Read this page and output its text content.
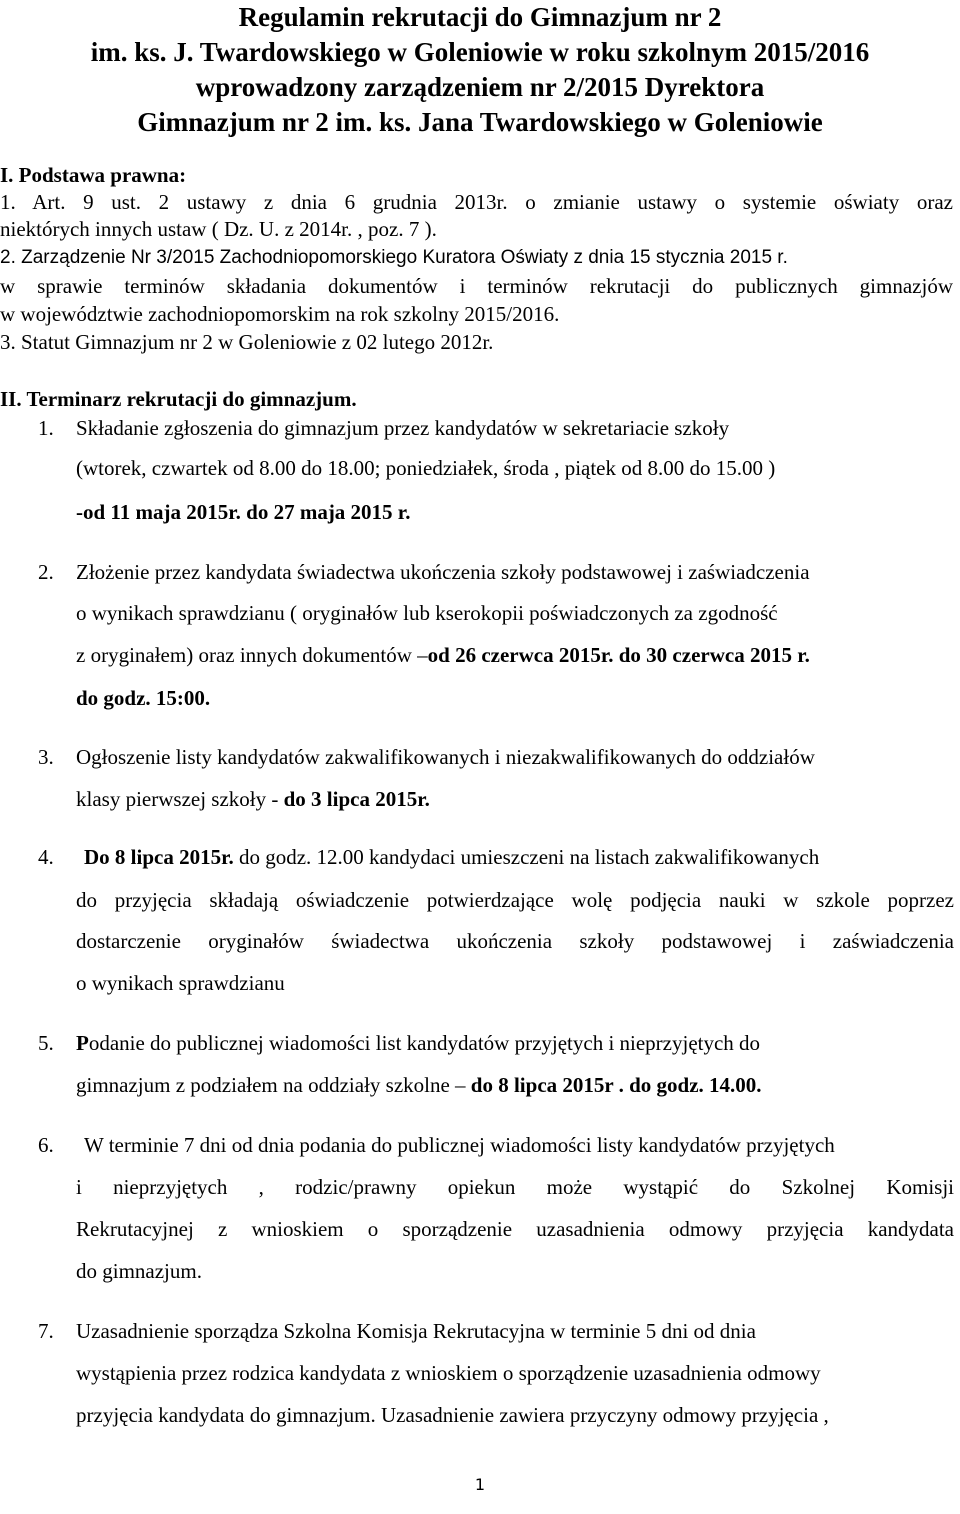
Regulamin rekrutacji do Gimnazjum nr 2
im. ks. J. Twardowskiego w Goleniowie w roku szkolnym 2015/2016
wprowadzony zarządzeniem nr 2/2015 Dyrektora
Gimnazjum nr 2 im. ks. Jana Twardowskiego w Goleniowie
I. Podstawa prawna:
1. Art. 9 ust. 2 ustawy z dnia 6 grudnia 2013r. o zmianie ustawy o systemie oświaty oraz
niektórych innych ustaw ( Dz. U. z 2014r. , poz. 7 ).
2. Zarządzenie Nr 3/2015 Zachodniopomorskiego Kuratora Oświaty z dnia 15 stycznia 2015 r.
w sprawie terminów składania dokumentów i terminów rekrutacji do publicznych gimnazjów
w województwie zachodniopomorskim na rok szkolny 2015/2016.
3. Statut Gimnazjum nr 2 w Goleniowie z 02 lutego 2012r.
II. Terminarz rekrutacji do gimnazjum.
1. Składanie zgłoszenia do gimnazjum przez kandydatów w sekretariacie szkoły
(wtorek, czwartek od 8.00 do 18.00; poniedziałek, środa , piątek od 8.00 do 15.00 )
-od 11 maja 2015r. do 27 maja 2015 r.
2. Złożenie przez kandydata świadectwa ukończenia szkoły podstawowej i zaświadczenia
o wynikach sprawdzianu ( oryginałów lub kserokopii poświadczonych za zgodność
z oryginałem) oraz innych dokumentów –od 26 czerwca 2015r. do 30 czerwca 2015 r.
do godz. 15:00.
3. Ogłoszenie listy kandydatów zakwalifikowanych i niezakwalifikowanych do oddziałów
klasy pierwszej szkoły - do 3 lipca 2015r.
4. Do 8 lipca 2015r. do godz. 12.00 kandydaci umieszczeni na listach zakwalifikowanych
do przyjęcia składają oświadczenie potwierdzające wolę podjęcia nauki w szkole poprzez
dostarczenie oryginałów świadectwa ukończenia szkoły podstawowej i zaświadczenia
o wynikach sprawdzianu
5. Podanie do publicznej wiadomości list kandydatów przyjętych i nieprzyjętych do
gimnazjum z podziałem na oddziały szkolne – do 8 lipca 2015r . do godz. 14.00.
6. W terminie 7 dni od dnia podania do publicznej wiadomości listy kandydatów przyjętych
i nieprzyjętych , rodzic/prawny opiekun może wystąpić do Szkolnej Komisji
Rekrutacyjnej z wnioskiem o sporządzenie uzasadnienia odmowy przyjęcia kandydata
do gimnazjum.
7. Uzasadnienie sporządza Szkolna Komisja Rekrutacyjna w terminie 5 dni od dnia
wystąpienia przez rodzica kandydata z wnioskiem o sporządzenie uzasadnienia odmowy
przyjęcia kandydata do gimnazjum. Uzasadnienie zawiera przyczyny odmowy przyjęcia ,
1
